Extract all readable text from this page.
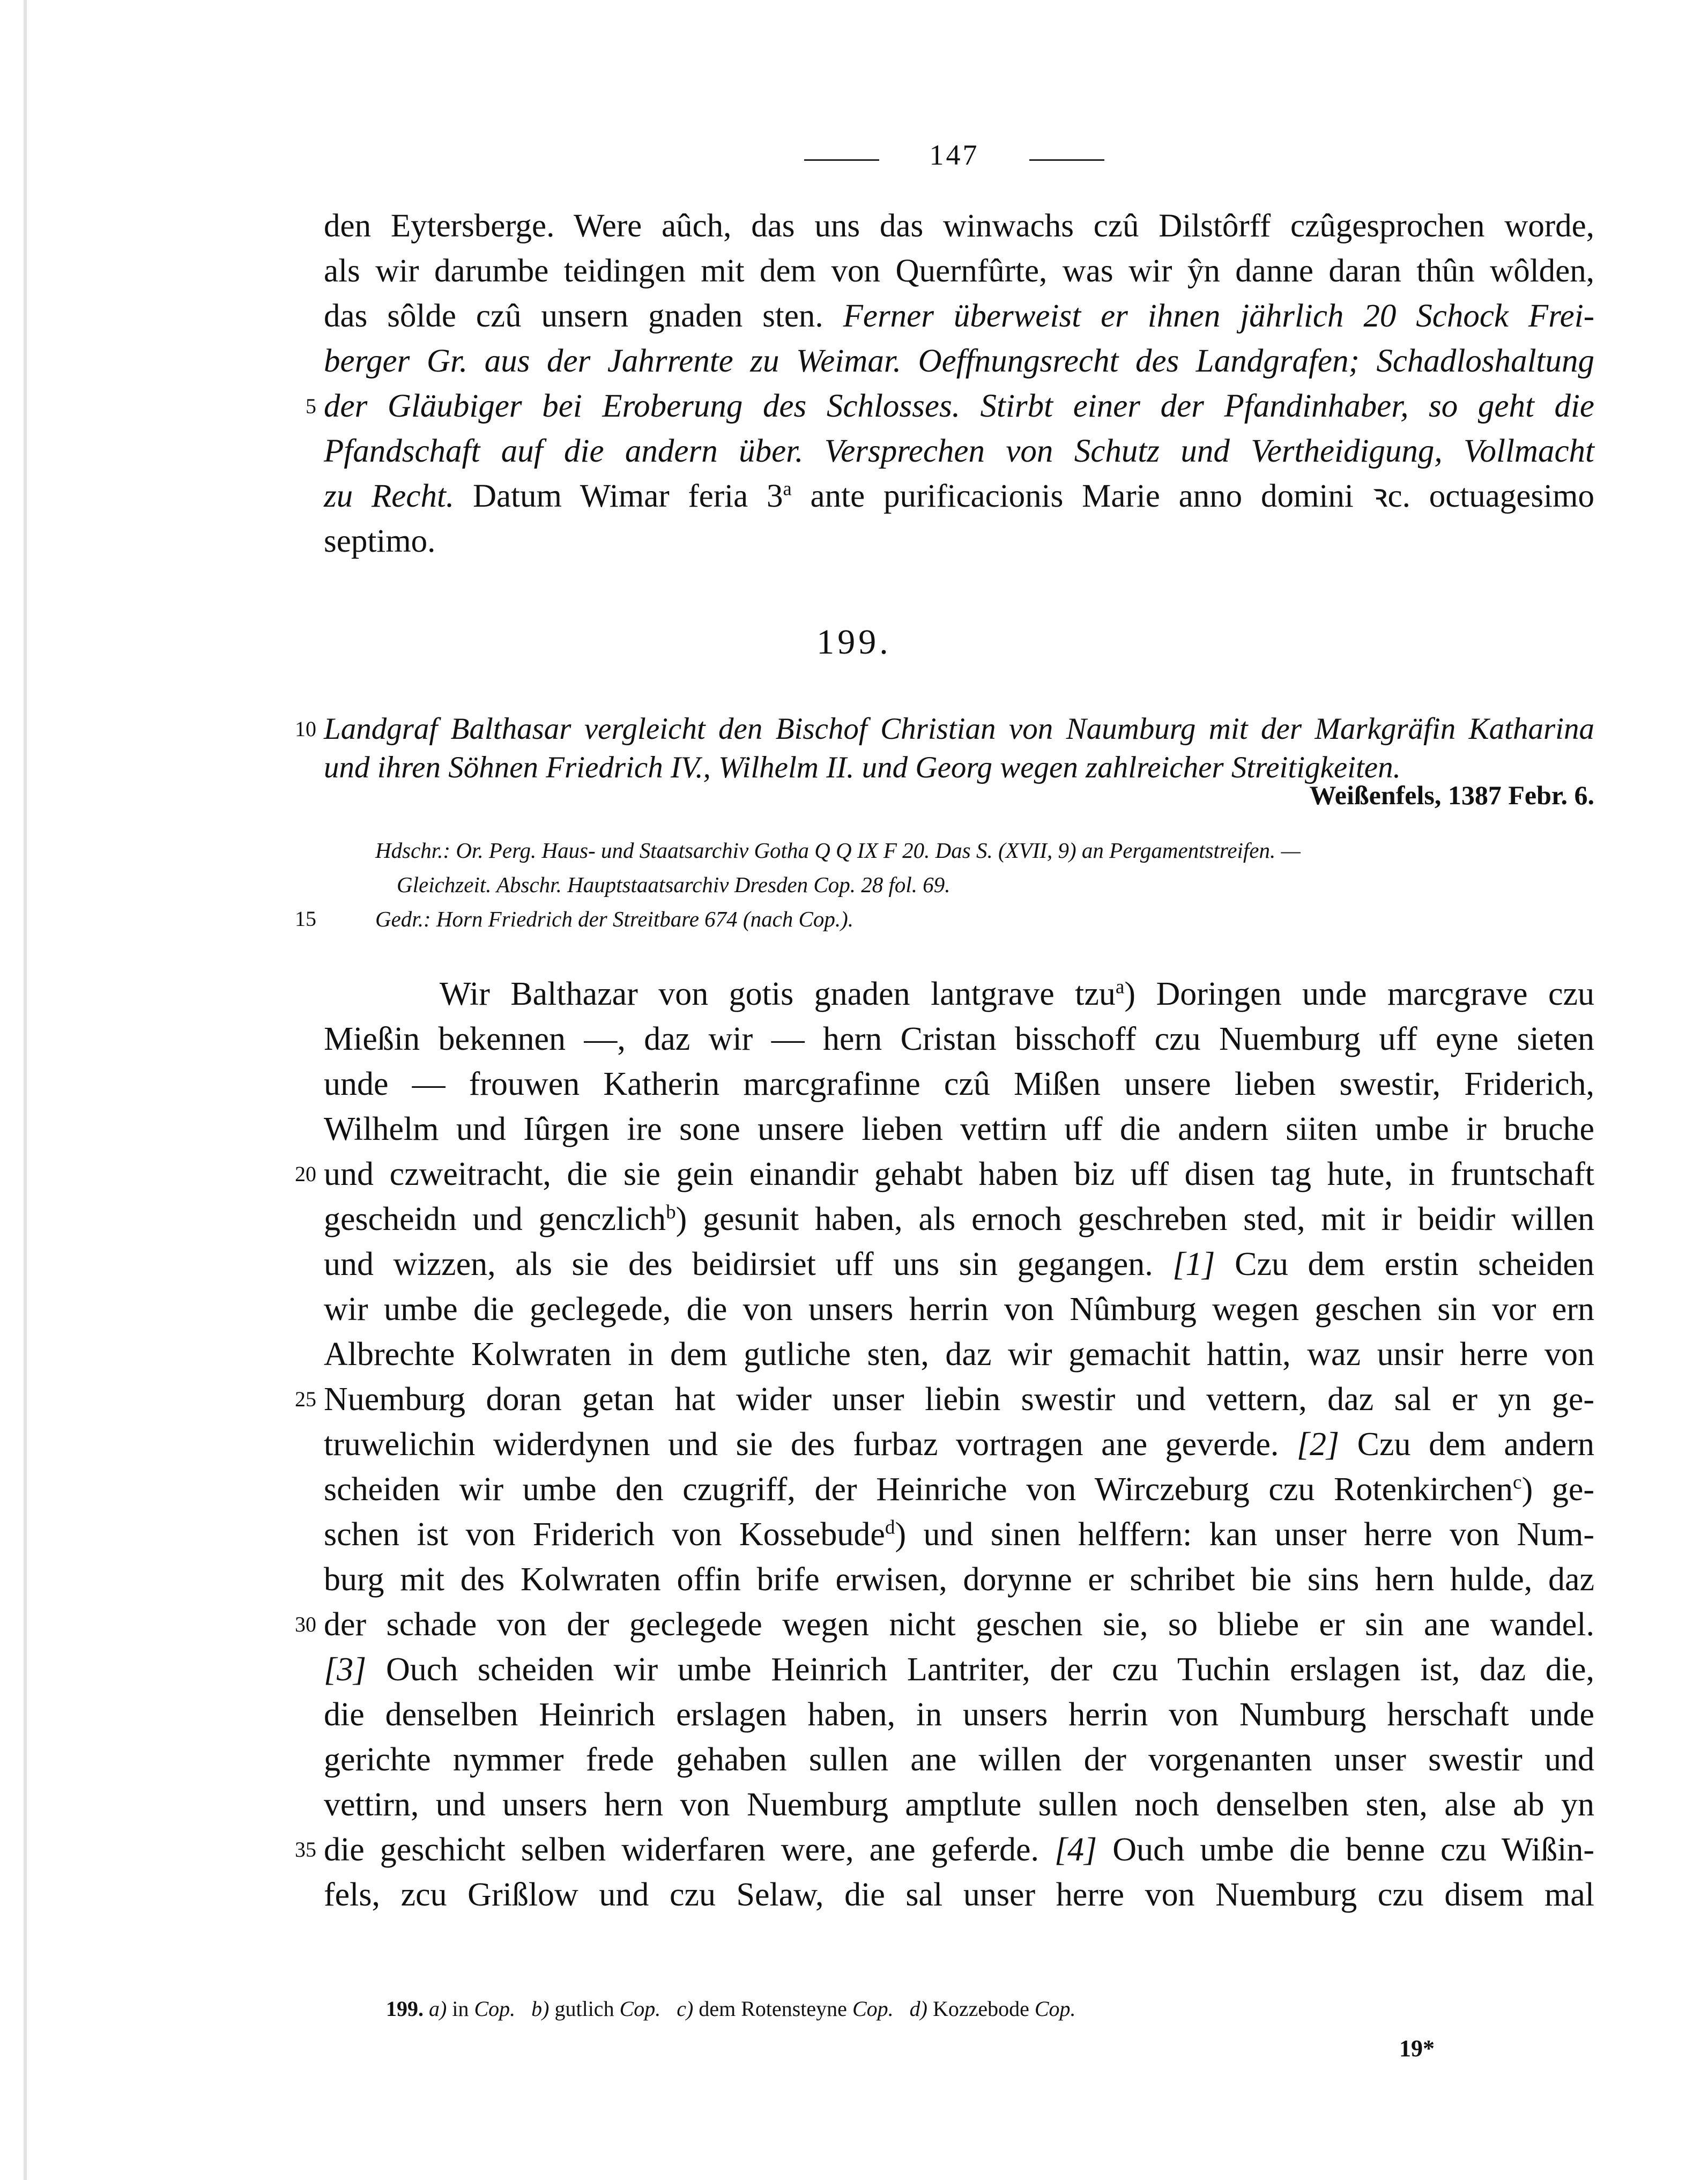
147
den Eytersberge. Were aûch, das uns das winwachs czû Dilstôrff czûgesprochen worde,
als wir darumbe teidingen mit dem von Quernfûrte, was wir ŷn danne daran thûn wôlden,
das sôlde czû unsern gnaden sten. Ferner überweist er ihnen jährlich 20 Schock Frei-
berger Gr. aus der Jahrrente zu Weimar. Oeffnungsrecht des Landgrafen; Schadloshaltung
5 der Gläubiger bei Eroberung des Schlosses. Stirbt einer der Pfandinhaber, so geht die
Pfandschaft auf die andern über. Versprechen von Schutz und Vertheidigung, Vollmacht
zu Recht. Datum Wimar feria 3$^a$ ante purificacionis Marie anno domini ꝛc. octuagesimo
septimo.
199.
10 Landgraf Balthasar vergleicht den Bischof Christian von Naumburg mit der Markgräfin Katharina
und ihren Söhnen Friedrich IV., Wilhelm II. und Georg wegen zahlreicher Streitigkeiten.
Weißenfels, 1387 Febr. 6.
Hdschr.: Or. Perg. Haus- und Staatsarchiv Gotha Q Q IX F 20. Das S. (XVII, 9) an Pergamentstreifen. —
Gleichzeit. Abschr. Hauptstaatsarchiv Dresden Cop. 28 fol. 69.
15	Gedr.: Horn Friedrich der Streitbare 674 (nach Cop.).
Wir Balthazar von gotis gnaden lantgrave tzu$^a$) Doringen unde marcgrave czu
Mießin bekennen —, daz wir — hern Cristan bisschoff czu Nuemburg uff eyne sieten
unde — frouwen Katherin marcgrafinne czû Mißen unsere lieben swestir, Friderich,
Wilhelm und Iûrgen ire sone unsere lieben vettirn uff die andern siiten umbe ir bruche
20 und czweitracht, die sie gein einandir gehabt haben biz uff disen tag hute, in fruntschaft
gescheidn und genczlich$^b$) gesunit haben, als ernoch geschreben sted, mit ir beidir willen
und wizzen, als sie des beidirsiet uff uns sin gegangen. [1] Czu dem erstin scheiden
wir umbe die geclegede, die von unsers herrin von Nûmburg wegen geschen sin vor ern
Albrechte Kolwraten in dem gutliche sten, daz wir gemachit hattin, waz unsir herre von
25 Nuemburg doran getan hat wider unser liebin swestir und vettern, daz sal er yn ge-
truwelichin widerdynen und sie des furbaz vortragen ane geverde. [2] Czu dem andern
scheiden wir umbe den czugriff, der Heinriche von Wirczeburg czu Rotenkirchen$^c$) ge-
schen ist von Friderich von Kossebude$^d$) und sinen helffern: kan unser herre von Num-
burg mit des Kolwraten offin brife erwisen, dorynne er schribet bie sins hern hulde, daz
30 der schade von der geclegede wegen nicht geschen sie, so bliebe er sin ane wandel.
[3] Ouch scheiden wir umbe Heinrich Lantriter, der czu Tuchin erslagen ist, daz die,
die denselben Heinrich erslagen haben, in unsers herrin von Numburg herschaft unde
gerichte nymmer frede gehaben sullen ane willen der vorgenanten unser swestir und
vettirn, und unsers hern von Nuemburg amptlute sullen noch denselben sten, alse ab yn
35 die geschicht selben widerfaren were, ane geferde. [4] Ouch umbe die benne czu Wißin-
fels, zcu Grißlow und czu Selaw, die sal unser herre von Nuemburg czu disem mal
199. a) in Cop. b) gutlich Cop. c) dem Rotensteyne Cop. d) Kozzebode Cop.
19*
